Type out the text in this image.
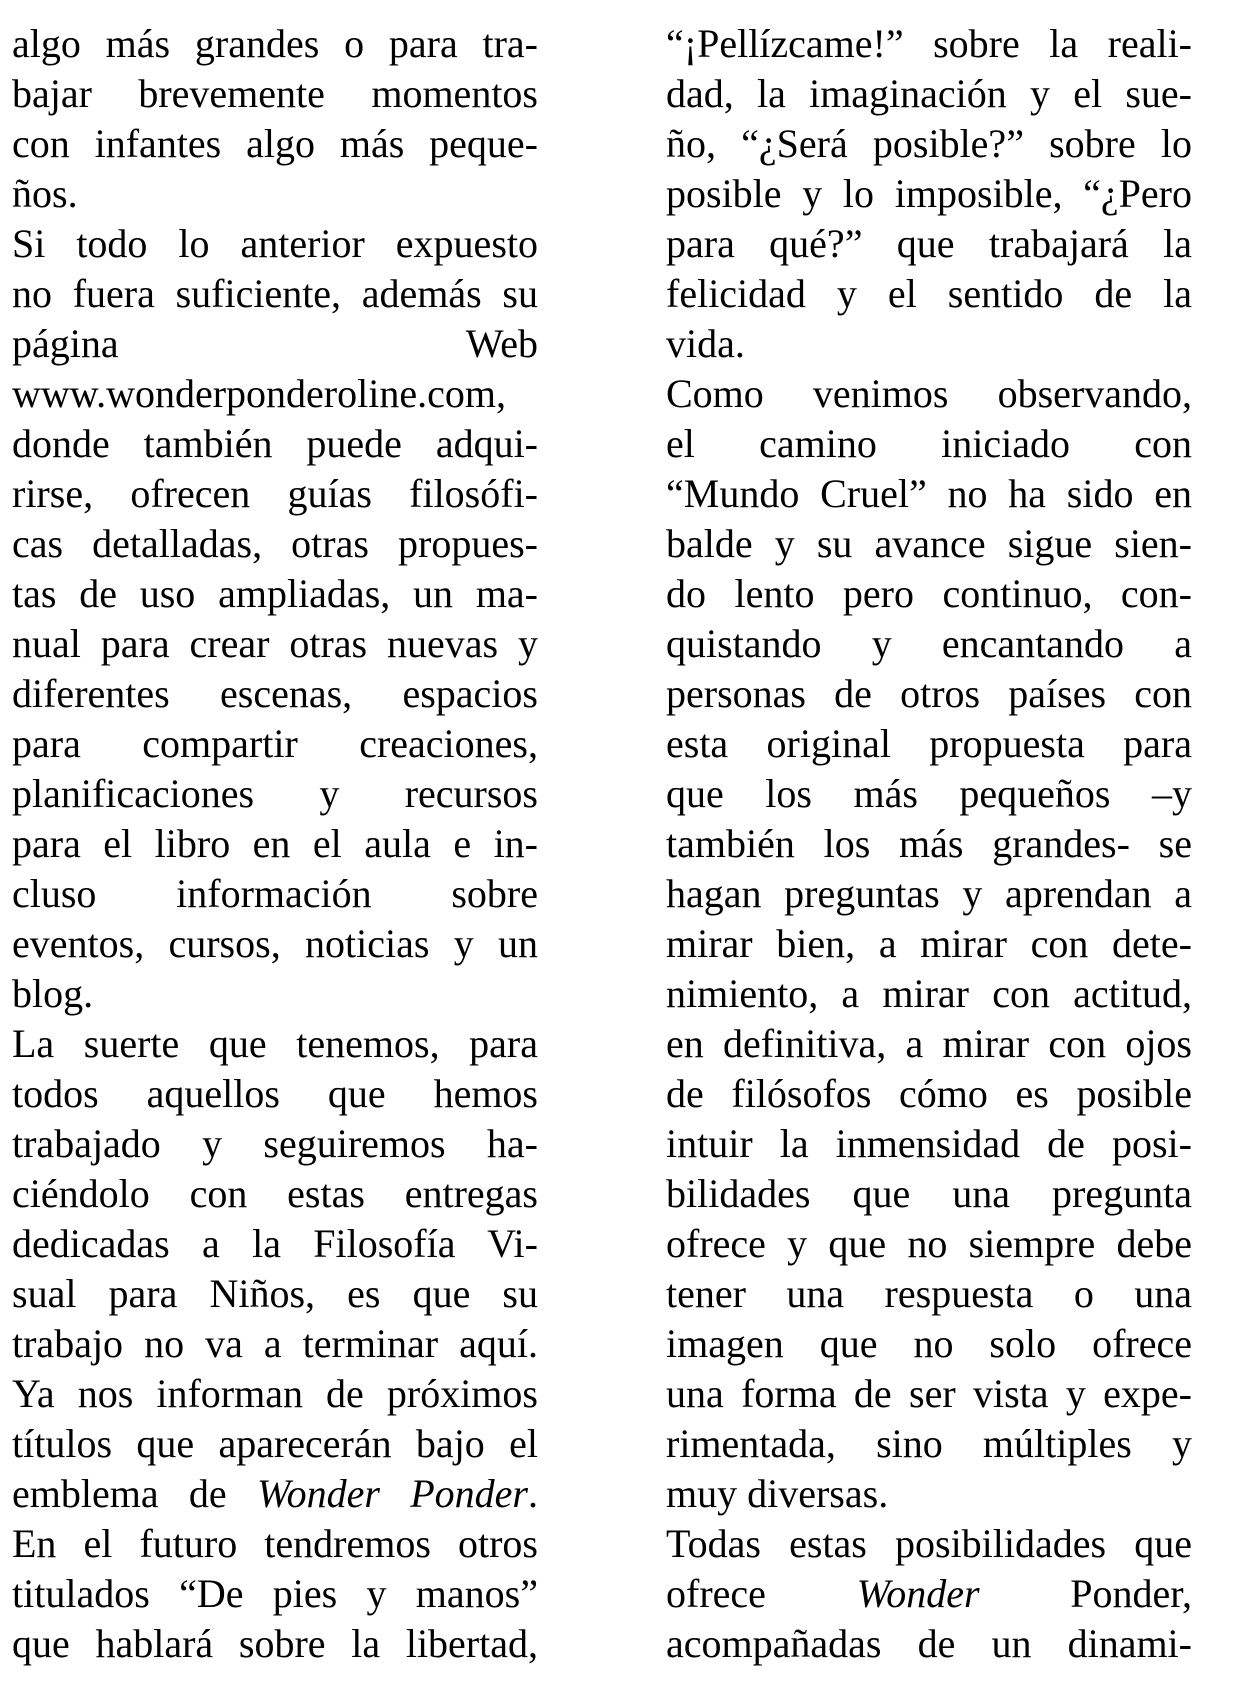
algo más grandes o para tra-
bajar brevemente momentos
con infantes algo más peque-
ños.
Si todo lo anterior expuesto
no fuera suficiente, además su
página Web
www.wonderponderoline.com,
donde también puede adqui-
rirse, ofrecen guías filosófi-
cas detalladas, otras propues-
tas de uso ampliadas, un ma-
nual para crear otras nuevas y
diferentes escenas, espacios
para compartir creaciones,
planificaciones y recursos
para el libro en el aula e in-
cluso información sobre
eventos, cursos, noticias y un
blog.
La suerte que tenemos, para
todos aquellos que hemos
trabajado y seguiremos ha-
ciéndolo con estas entregas
dedicadas a la Filosofía Vi-
sual para Niños, es que su
trabajo no va a terminar aquí.
Ya nos informan de próximos
títulos que aparecerán bajo el
emblema de Wonder Ponder.
En el futuro tendremos otros
titulados “De pies y manos”
que hablará sobre la libertad,
“¡Pellízcame!” sobre la reali-
dad, la imaginación y el sue-
ño, “¿Será posible?” sobre lo
posible y lo imposible, “¿Pero
para qué?” que trabajará la
felicidad y el sentido de la
vida.
Como venimos observando,
el camino iniciado con
“Mundo Cruel” no ha sido en
balde y su avance sigue sien-
do lento pero continuo, con-
quistando y encantando a
personas de otros países con
esta original propuesta para
que los más pequeños –y
también los más grandes- se
hagan preguntas y aprendan a
mirar bien, a mirar con dete-
nimiento, a mirar con actitud,
en definitiva, a mirar con ojos
de filósofos cómo es posible
intuir la inmensidad de posi-
bilidades que una pregunta
ofrece y que no siempre debe
tener una respuesta o una
imagen que no solo ofrece
una forma de ser vista y expe-
rimentada, sino múltiples y
muy diversas.
Todas estas posibilidades que
ofrece Wonder Ponder,
acompañadas de un dinami-
